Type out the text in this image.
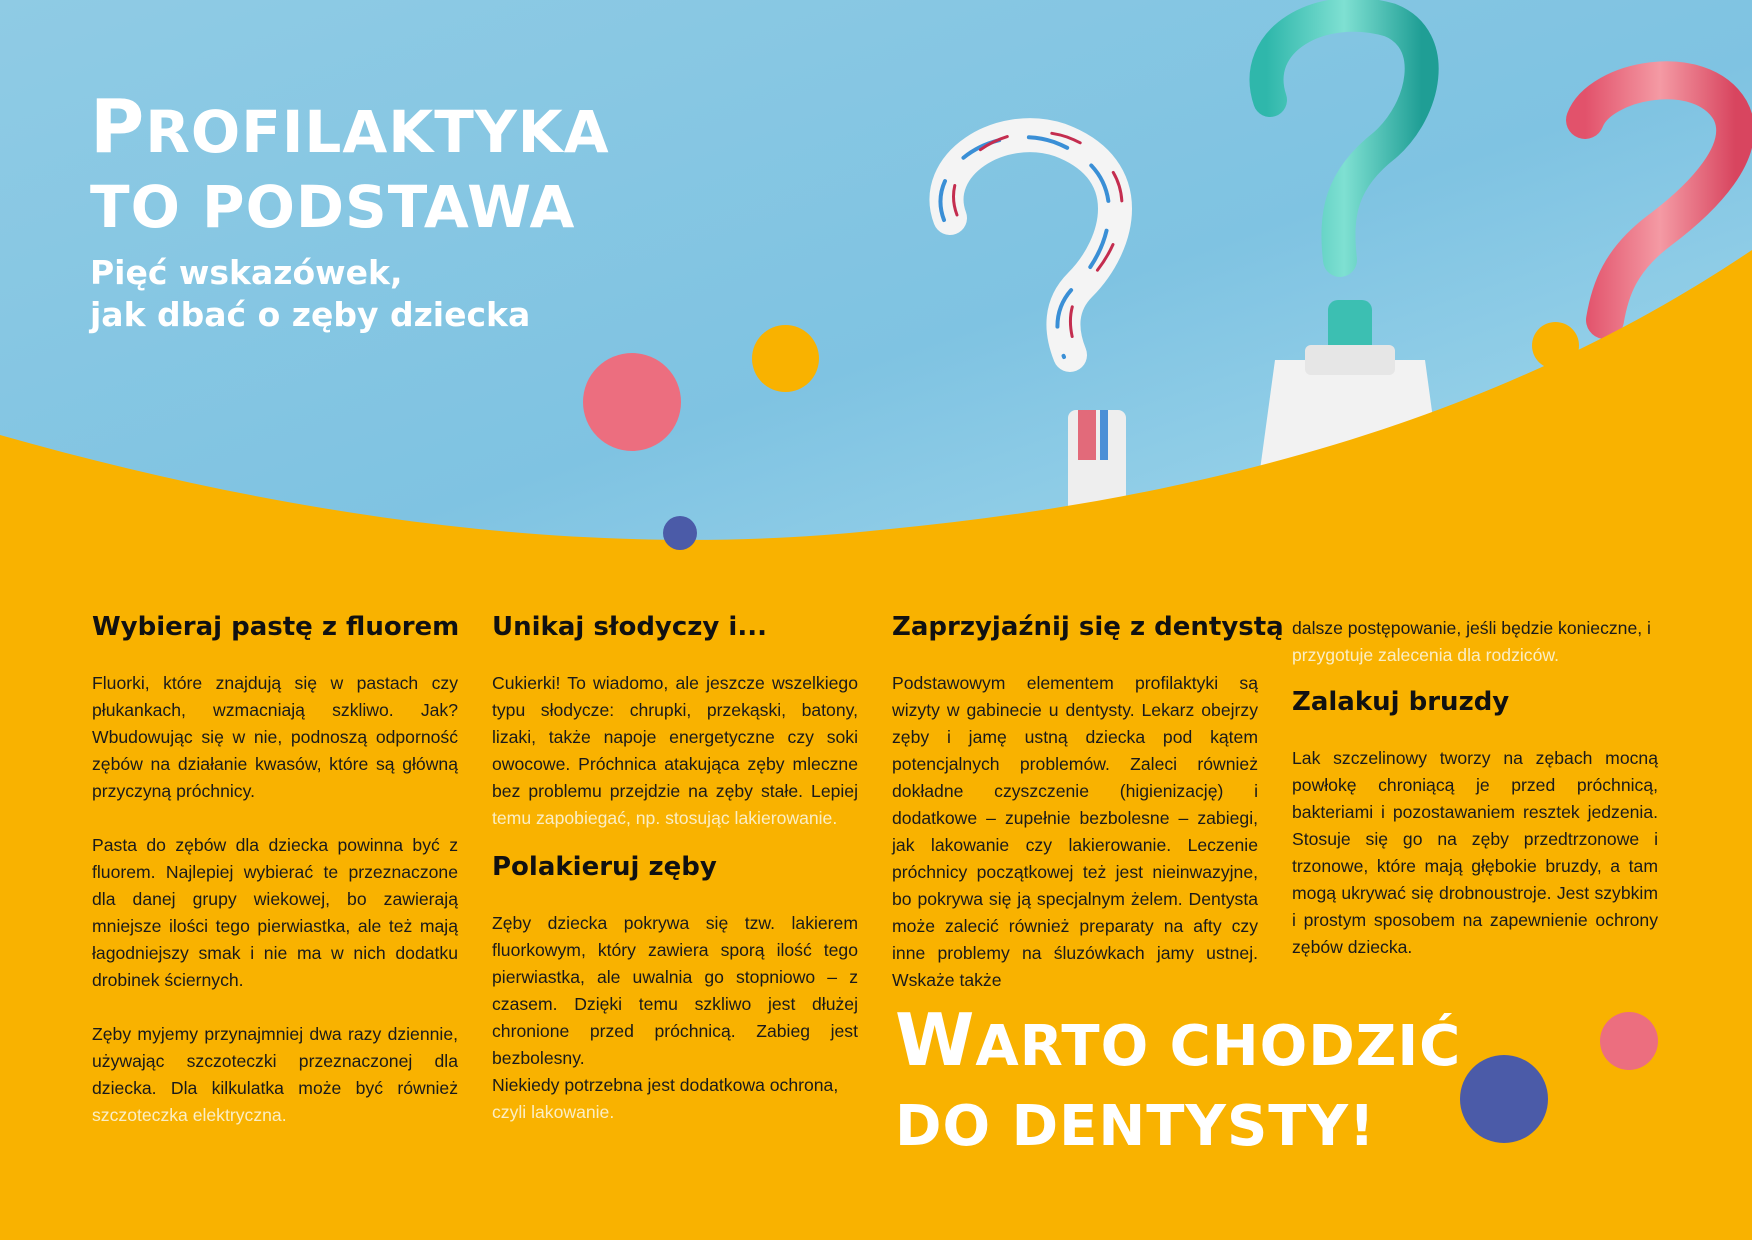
PROFILAKTYKA
TO PODSTAWA
Pięć wskazówek,
jak dbać o zęby dziecka
Wybieraj pastę z fluorem

Fluorki, które znajdują się w pastach czy płukankach, wzmacniają szkliwo. Jak? Wbudowując się w nie, podnoszą odporność zębów na działanie kwasów, które są główną przyczyną próchnicy.

Pasta do zębów dla dziecka powinna być z fluorem. Najlepiej wybierać te przeznaczone dla danej grupy wiekowej, bo zawierają mniejsze ilości tego pierwiastka, ale też mają łagodniejszy smak i nie ma w nich dodatku drobinek ściernych.

Zęby myjemy przynajmniej dwa razy dziennie, używając szczoteczki przeznaczonej dla dziecka. Dla kilkulatka może być również szczoteczka elektryczna.

Unikaj słodyczy i...

Cukierki! To wiadomo, ale jeszcze wszelkiego typu słodycze: chrupki, przekąski, batony, lizaki, także napoje energetyczne czy soki owocowe. Próchnica atakująca zęby mleczne bez problemu przejdzie na zęby stałe. Lepiej temu zapobiegać, np. stosując lakierowanie.

Polakieruj zęby

Zęby dziecka pokrywa się tzw. lakierem fluorkowym, który zawiera sporą ilość tego pierwiastka, ale uwalnia go stopniowo – z czasem. Dzięki temu szkliwo jest dłużej chronione przed próchnicą. Zabieg jest bezbolesny.

Niekiedy potrzebna jest dodatkowa ochrona, czyli lakowanie.

Zaprzyjaźnij się z dentystą

Podstawowym elementem profilaktyki są wizyty w gabinecie u dentysty. Lekarz obejrzy zęby i jamę ustną dziecka pod kątem potencjalnych problemów. Zaleci również dokładne czyszczenie (higienizację) i dodatkowe – zupełnie bezbolesne – zabiegi, jak lakowanie czy lakierowanie. Leczenie próchnicy początkowej też jest nieinwazyjne, bo pokrywa się ją specjalnym żelem. Dentysta może zalecić również preparaty na afty czy inne problemy na śluzówkach jamy ustnej. Wskaże także

dalsze postępowanie, jeśli będzie konieczne, i przygotuje zalecenia dla rodziców.

Zalakuj bruzdy

Lak szczelinowy tworzy na zębach mocną powłokę chroniącą je przed próchnicą, bakteriami i pozostawaniem resztek jedzenia. Stosuje się go na zęby przedtrzonowe i trzonowe, które mają głębokie bruzdy, a tam mogą ukrywać się drobnoustroje. Jest szybkim i prostym sposobem na zapewnienie ochrony zębów dziecka.

WARTO CHODZIĆ
DO DENTYSTY!
